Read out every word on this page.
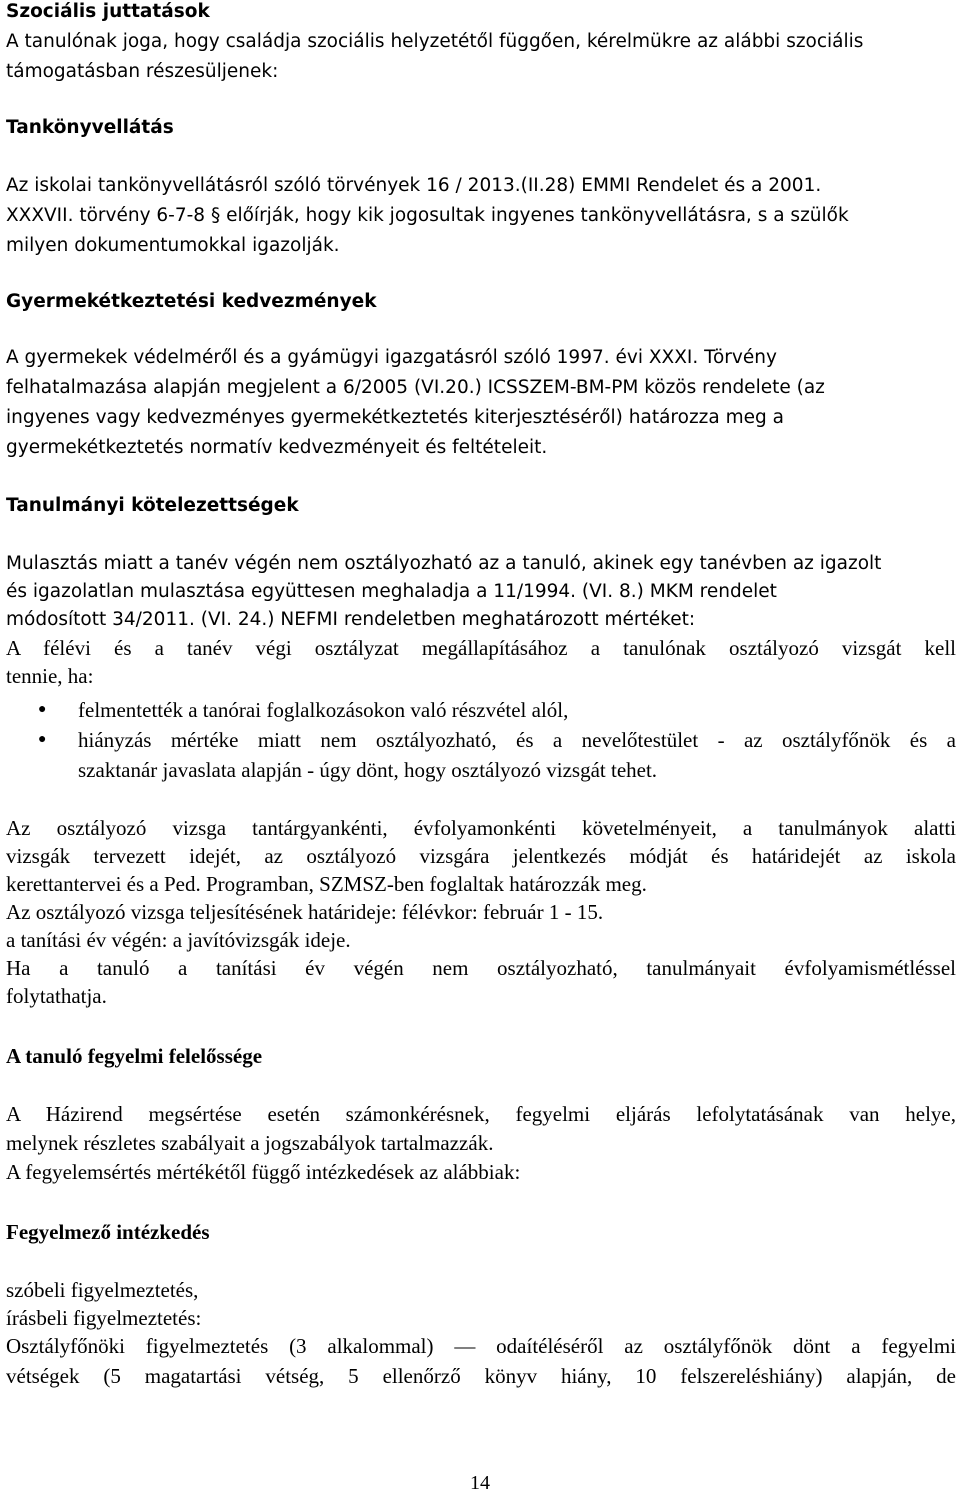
Szociális juttatások
A tanulónak joga, hogy családja szociális helyzetétől függően, kérelmükre az alábbi szociális
támogatásban részesüljenek:
Tankönyvellátás
Az iskolai tankönyvellátásról szóló törvények 16 / 2013.(II.28) EMMI Rendelet és a 2001.
XXXVII. törvény 6-7-8 § előírják, hogy kik jogosultak ingyenes tankönyvellátásra, s a szülők
milyen dokumentumokkal igazolják.
Gyermekétkeztetési kedvezmények
A gyermekek védelméről és a gyámügyi igazgatásról szóló 1997. évi XXXI. Törvény
felhatalmazása alapján megjelent a 6/2005 (VI.20.) ICSSZEM-BM-PM közös rendelete (az
ingyenes vagy kedvezményes gyermekétkeztetés kiterjesztéséről) határozza meg a
gyermekétkeztetés normatív kedvezményeit és feltételeit.
Tanulmányi kötelezettségek
Mulasztás miatt a tanév végén nem osztályozható az a tanuló, akinek egy tanévben az igazolt
és igazolatlan mulasztása együttesen meghaladja a 11/1994. (VI. 8.) MKM rendelet
módosított 34/2011. (VI. 24.) NEFMI rendeletben meghatározott mértéket:
A félévi és a tanév végi osztályzat megállapításához a tanulónak osztályozó vizsgát kell
tennie, ha:
● felmentették a tanórai foglalkozásokon való részvétel alól,
● hiányzás mértéke miatt nem osztályozható, és a nevelőtestület - az osztályfőnök és a
szaktanár javaslata alapján - úgy dönt, hogy osztályozó vizsgát tehet.
Az osztályozó vizsga tantárgyankénti, évfolyamonkénti követelményeit, a tanulmányok alatti
vizsgák tervezett idejét, az osztályozó vizsgára jelentkezés módját és határidejét az iskola
kerettantervei és a Ped. Programban, SZMSZ-ben foglaltak határozzák meg.
Az osztályozó vizsga teljesítésének határideje: félévkor: február 1 - 15.
a tanítási év végén: a javítóvizsgák ideje.
Ha a tanuló a tanítási év végén nem osztályozható, tanulmányait évfolyamismétléssel
folytathatja.
A tanuló fegyelmi felelőssége
A Házirend megsértése esetén számonkérésnek, fegyelmi eljárás lefolytatásának van helye,
melynek részletes szabályait a jogszabályok tartalmazzák.
A fegyelemsértés mértékétől függő intézkedések az alábbiak:
Fegyelmező intézkedés
szóbeli figyelmeztetés,
írásbeli figyelmeztetés:
Osztályfőnöki figyelmeztetés (3 alkalommal) — odaítéléséről az osztályfőnök dönt a fegyelmi
vétségek (5 magatartási vétség, 5 ellenőrző könyv hiány, 10 felszereléshiány) alapján, de
14
